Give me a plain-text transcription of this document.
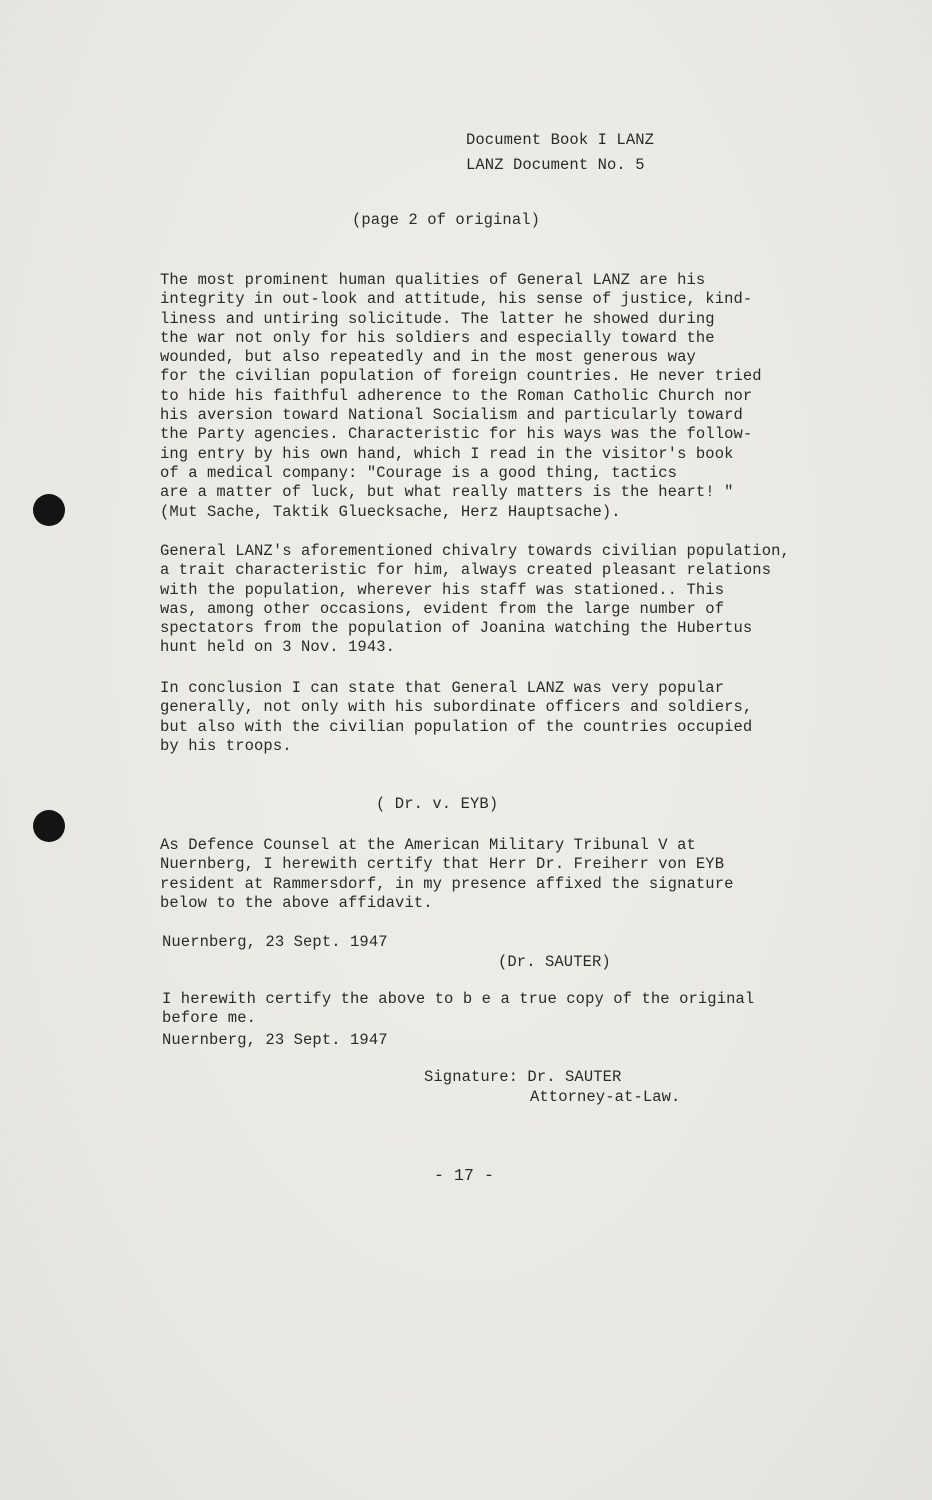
Document Book I LANZ
LANZ Document No. 5
(page 2 of original)

The most prominent human qualities of General LANZ are his
integrity in out-look and attitude, his sense of justice, kind-
liness and untiring solicitude. The latter he showed during
the war not only for his soldiers and especially toward the
wounded, but also repeatedly and in the most generous way
for the civilian population of foreign countries. He never tried
to hide his faithful adherence to the Roman Catholic Church nor
his aversion toward National Socialism and particularly toward
the Party agencies. Characteristic for his ways was the follow-
ing entry by his own hand, which I read in the visitor's book
of a medical company: "Courage is a good thing, tactics
are a matter of luck, but what really matters is the heart! "
(Mut Sache, Taktik Gluecksache, Herz Hauptsache).

General LANZ's aforementioned chivalry towards civilian population,
a trait characteristic for him, always created pleasant relations
with the population, wherever his staff was stationed.. This
was, among other occasions, evident from the large number of
spectators from the population of Joanina watching the Hubertus
hunt held on 3 Nov. 1943.

In conclusion I can state that General LANZ was very popular
generally, not only with his subordinate officers and soldiers,
but also with the civilian population of the countries occupied
by his troops.

( Dr. v. EYB)

As Defence Counsel at the American Military Tribunal V at
Nuernberg, I herewith certify that Herr Dr. Freiherr von EYB
resident at Rammersdorf, in my presence affixed the signature
below to the above affidavit.

Nuernberg, 23 Sept. 1947
(Dr. SAUTER)

I herewith certify the above to b e a true copy of the original
before me.

Nuernberg, 23 Sept. 1947
Signature: Dr. SAUTER
Attorney-at-Law.
- 17 -
